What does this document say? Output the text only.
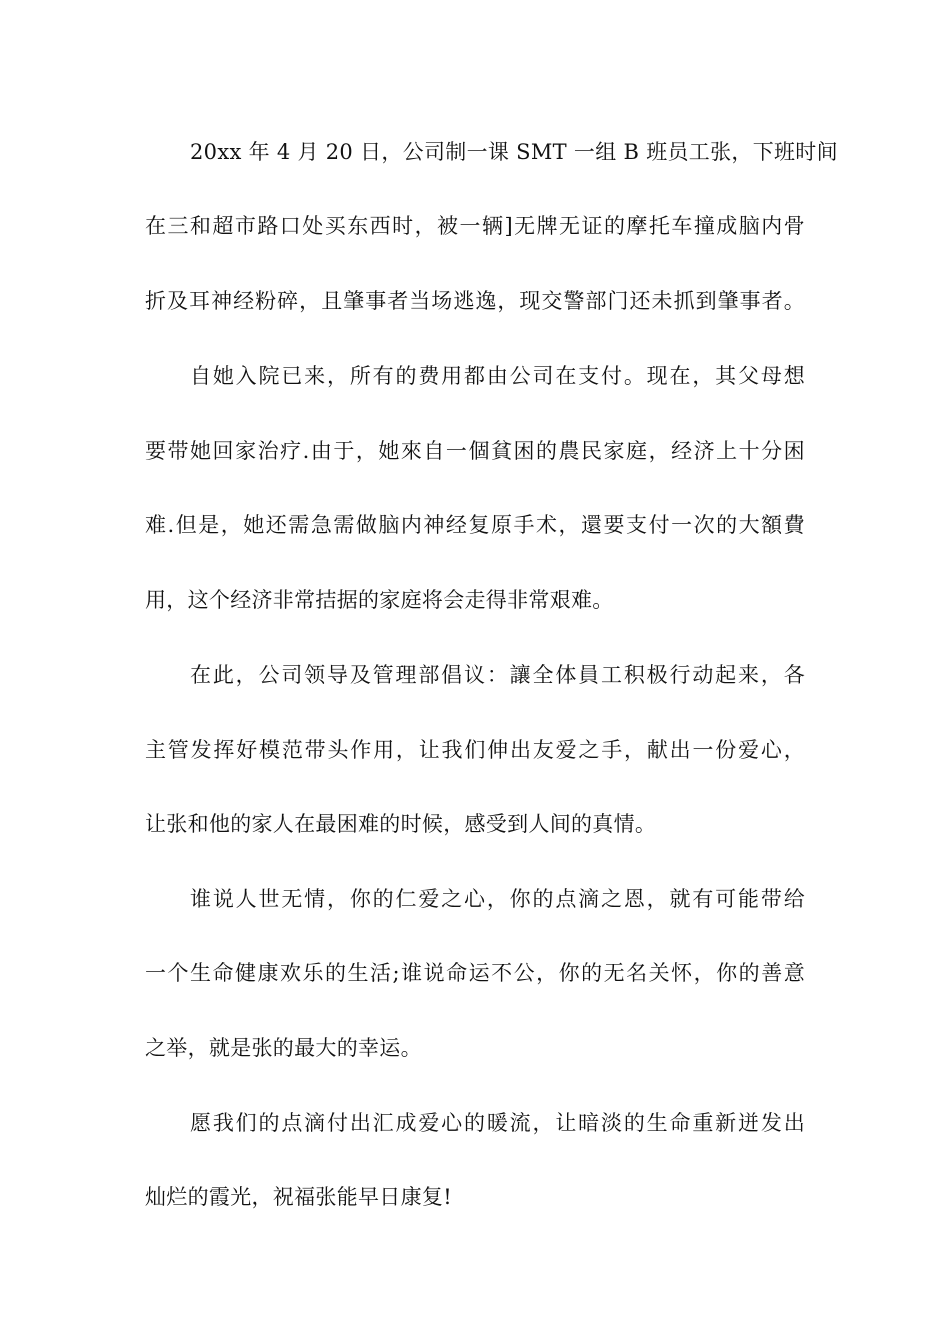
20xx 年 4 月 20 日，公司制一课 SMT 一组 B 班员工张，下班时间
在三和超市路口处买东西时，被一辆]无牌无证的摩托车撞成脑内骨
折及耳神经粉碎，且肇事者当场逃逸，现交警部门还未抓到肇事者。
自她入院已来，所有的费用都由公司在支付。现在，其父母想
要带她回家治疗.由于，她來自一個貧困的農民家庭，经济上十分困
难.但是，她还需急需做脑内神经复原手术，還要支付一次的大額費
用，这个经济非常拮据的家庭将会走得非常艰难。
在此，公司领导及管理部倡议：讓全体員工积极行动起来，各
主管发挥好模范带头作用，让我们伸出友爱之手，献出一份爱心，
让张和他的家人在最困难的时候，感受到人间的真情。
谁说人世无情，你的仁爱之心，你的点滴之恩，就有可能带给
一个生命健康欢乐的生活;谁说命运不公，你的无名关怀，你的善意
之举，就是张的最大的幸运。
愿我们的点滴付出汇成爱心的暖流，让暗淡的生命重新迸发出
灿烂的霞光，祝福张能早日康复!
